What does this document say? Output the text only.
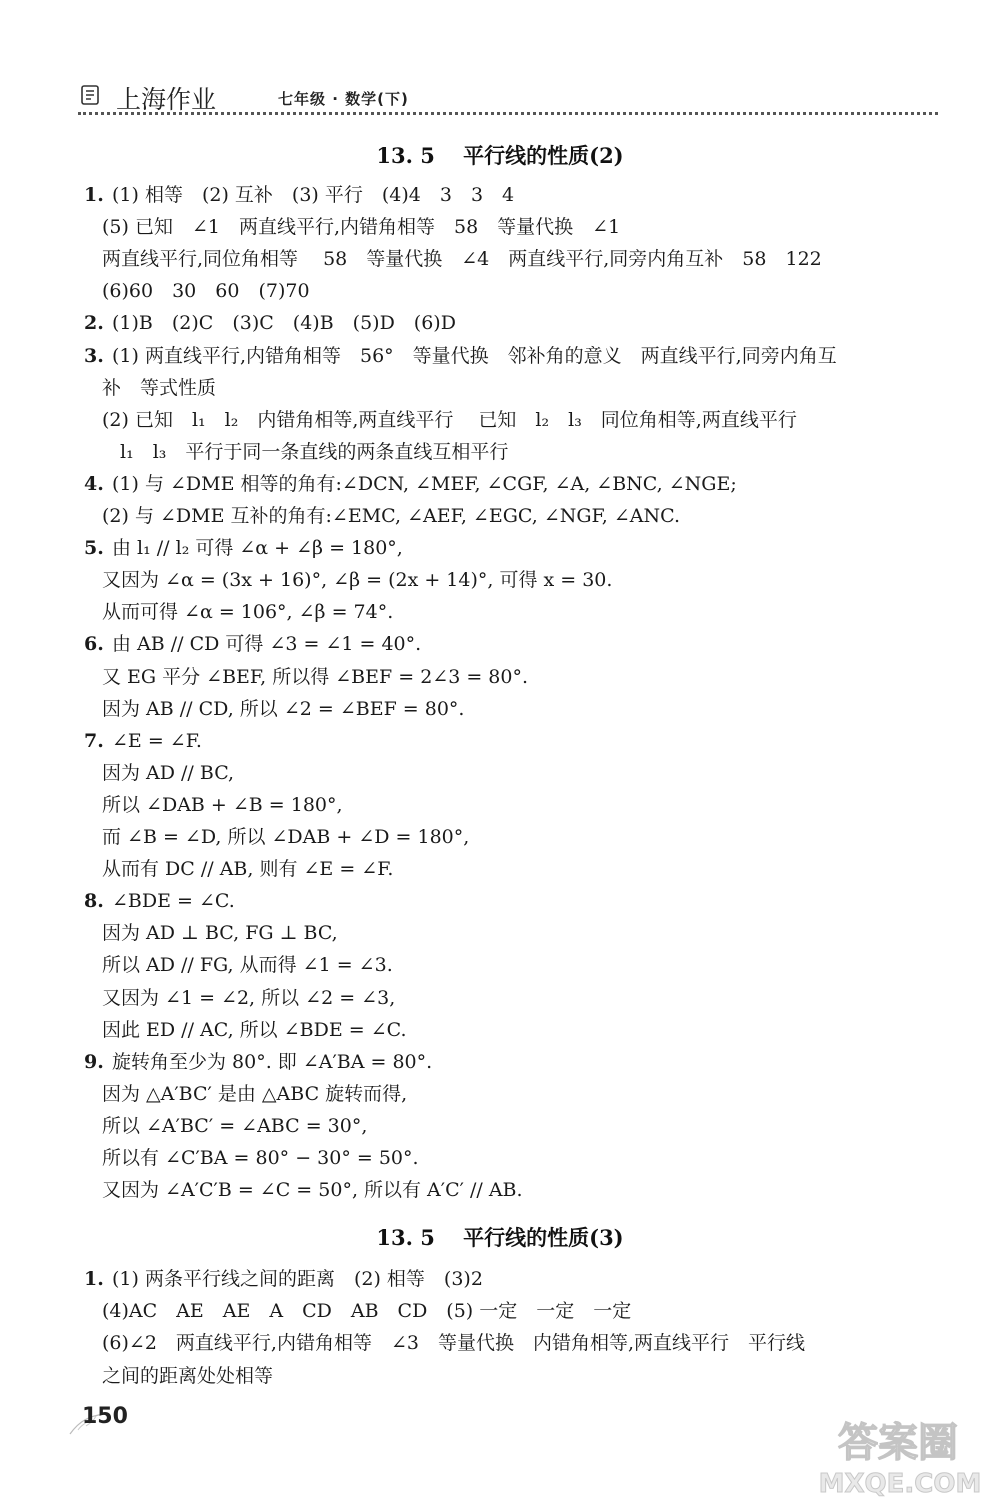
上海作业	七年级 · 数学(下)
13. 5　 平行线的性质(2)
1. (1) 相等　(2) 互补　(3) 平行　(4)4　3　3　4
(5) 已知　∠1　两直线平行,内错角相等　58　等量代换　∠1
两直线平行,同位角相等　 58　等量代换　∠4　两直线平行,同旁内角互补　58　122
(6)60　30　60　(7)70
2. (1)B　(2)C　(3)C　(4)B　(5)D　(6)D
3. (1) 两直线平行,内错角相等　56°　等量代换　邻补角的意义　两直线平行,同旁内角互
补　等式性质
(2) 已知　l₁　l₂　内错角相等,两直线平行　 已知　l₂　l₃　同位角相等,两直线平行
l₁　l₃　平行于同一条直线的两条直线互相平行
4. (1) 与 ∠DME 相等的角有:∠DCN, ∠MEF, ∠CGF, ∠A, ∠BNC, ∠NGE;
(2) 与 ∠DME 互补的角有:∠EMC, ∠AEF, ∠EGC, ∠NGF, ∠ANC.
5. 由 l₁ // l₂ 可得 ∠α + ∠β = 180°,
又因为 ∠α = (3x + 16)°, ∠β = (2x + 14)°, 可得 x = 30.
从而可得 ∠α = 106°, ∠β = 74°.
6. 由 AB // CD 可得 ∠3 = ∠1 = 40°.
又 EG 平分 ∠BEF, 所以得 ∠BEF = 2∠3 = 80°.
因为 AB // CD, 所以 ∠2 = ∠BEF = 80°.
7. ∠E = ∠F.
因为 AD // BC,
所以 ∠DAB + ∠B = 180°,
而 ∠B = ∠D, 所以 ∠DAB + ∠D = 180°,
从而有 DC // AB, 则有 ∠E = ∠F.
8. ∠BDE = ∠C.
因为 AD ⊥ BC, FG ⊥ BC,
所以 AD // FG, 从而得 ∠1 = ∠3.
又因为 ∠1 = ∠2, 所以 ∠2 = ∠3,
因此 ED // AC, 所以 ∠BDE = ∠C.
9. 旋转角至少为 80°. 即 ∠A′BA = 80°.
因为 △A′BC′ 是由 △ABC 旋转而得,
所以 ∠A′BC′ = ∠ABC = 30°,
所以有 ∠C′BA = 80° − 30° = 50°.
又因为 ∠A′C′B = ∠C = 50°, 所以有 A′C′ // AB.
13. 5　 平行线的性质(3)
1. (1) 两条平行线之间的距离　(2) 相等　(3)2
(4)AC　AE　AE　A　CD　AB　CD　(5) 一定　一定　一定
(6)∠2　两直线平行,内错角相等　∠3　等量代换　内错角相等,两直线平行　平行线
之间的距离处处相等
150
答案圈
MXQE.COM
